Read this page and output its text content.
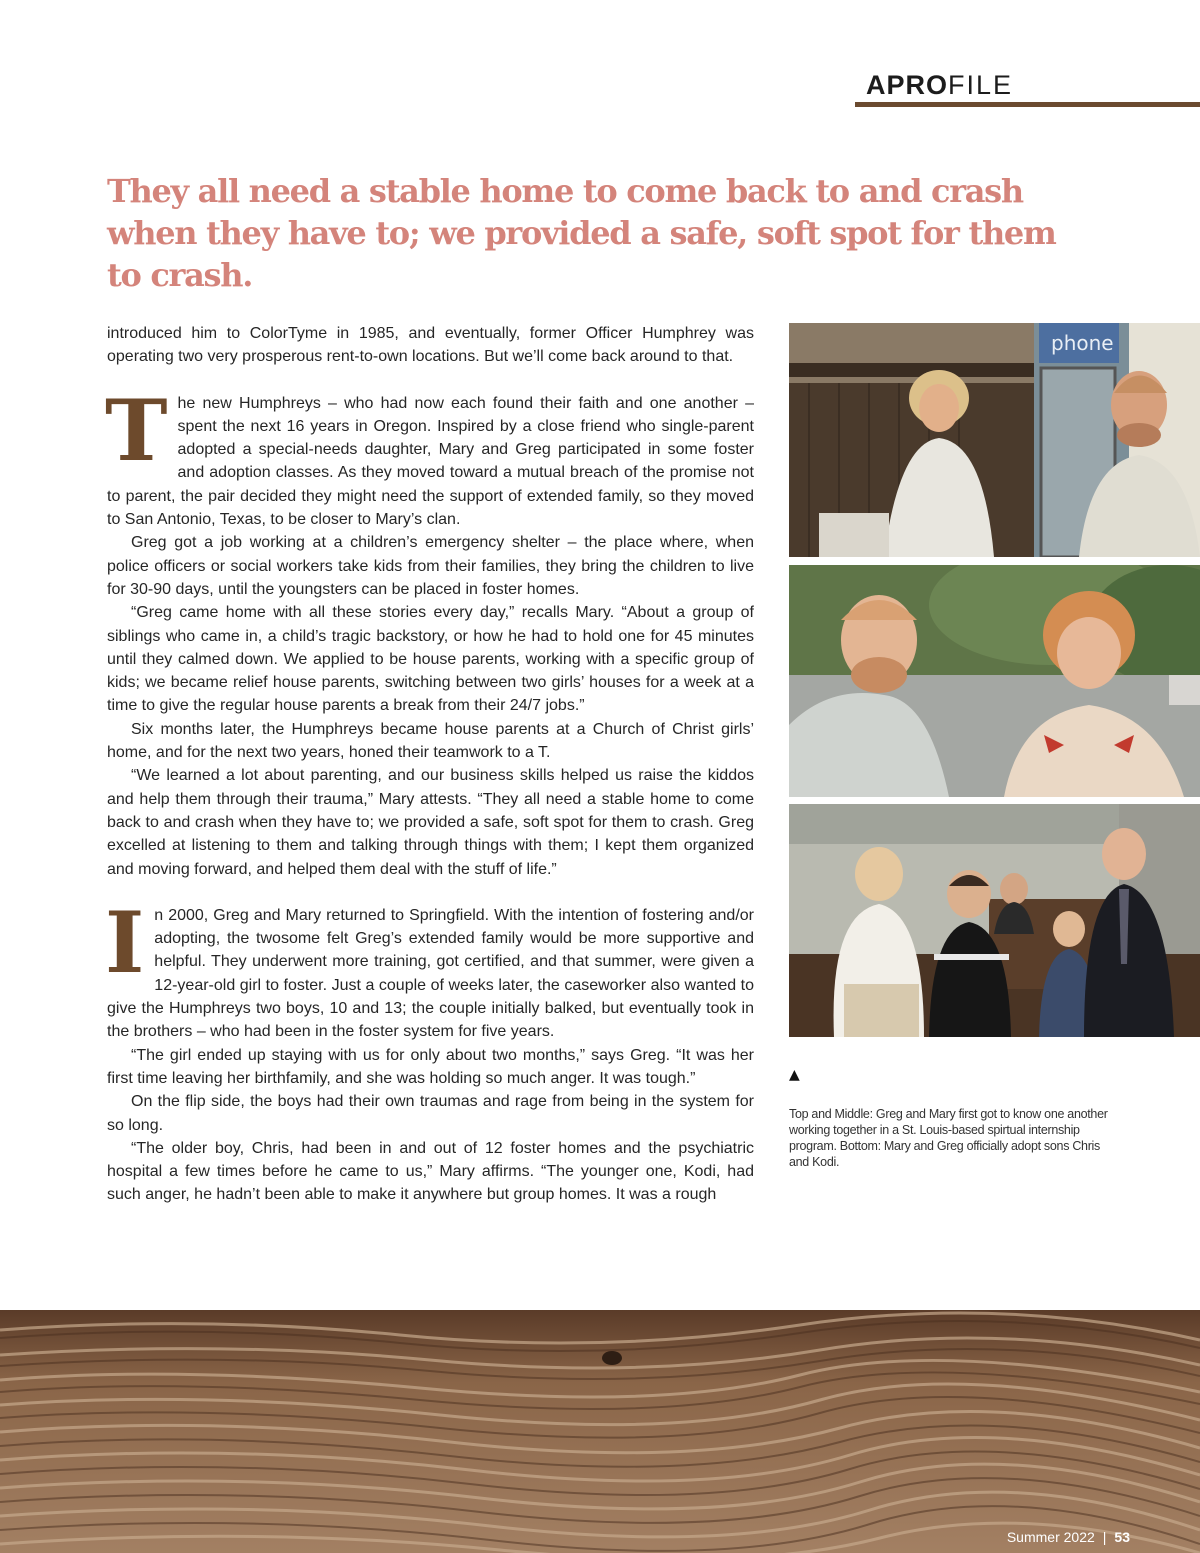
APROFILE
They all need a stable home to come back to and crash when they have to; we provided a safe, soft spot for them to crash.

introduced him to ColorTyme in 1985, and eventually, former Officer Humphrey was operating two very prosperous rent-to-own locations. But we’ll come back around to that.

The new Humphreys – who had now each found their faith and one another – spent the next 16 years in Oregon. Inspired by a close friend who single-parent adopted a special-needs daughter, Mary and Greg participated in some foster and adoption classes. As they moved toward a mutual breach of the promise not to parent, the pair decided they might need the support of extended family, so they moved to San Antonio, Texas, to be closer to Mary’s clan.

Greg got a job working at a children’s emergency shelter – the place where, when police officers or social workers take kids from their families, they bring the children to live for 30-90 days, until the youngsters can be placed in foster homes.

“Greg came home with all these stories every day,” recalls Mary. “About a group of siblings who came in, a child’s tragic backstory, or how he had to hold one for 45 minutes until they calmed down. We applied to be house parents, working with a specific group of kids; we became relief house parents, switching between two girls’ houses for a week at a time to give the regular house parents a break from their 24/7 jobs.”

Six months later, the Humphreys became house parents at a Church of Christ girls’ home, and for the next two years, honed their teamwork to a T.

“We learned a lot about parenting, and our business skills helped us raise the kiddos and help them through their trauma,” Mary attests. “They all need a stable home to come back to and crash when they have to; we provided a safe, soft spot for them to crash. Greg excelled at listening to them and talking through things with them; I kept them organized and moving forward, and helped them deal with the stuff of life.”

In 2000, Greg and Mary returned to Springfield. With the intention of fostering and/or adopting, the twosome felt Greg’s extended family would be more supportive and helpful. They underwent more training, got certified, and that summer, were given a 12-year-old girl to foster. Just a couple of weeks later, the caseworker also wanted to give the Humphreys two boys, 10 and 13; the couple initially balked, but eventually took in the brothers – who had been in the foster system for five years.

“The girl ended up staying with us for only about two months,” says Greg. “It was her first time leaving her birthfamily, and she was holding so much anger. It was tough.”

On the flip side, the boys had their own traumas and rage from being in the system for so long.

“The older boy, Chris, had been in and out of 12 foster homes and the psychiatric hospital a few times before he came to us,” Mary affirms. “The younger one, Kodi, had such anger, he hadn’t been able to make it anywhere but group homes. It was a rough

phone
▲
Top and Middle: Greg and Mary first got to know one another working together in a St. Louis-based spirtual internship program. Bottom: Mary and Greg officially adopt sons Chris and Kodi.
Summer 2022 | 53
